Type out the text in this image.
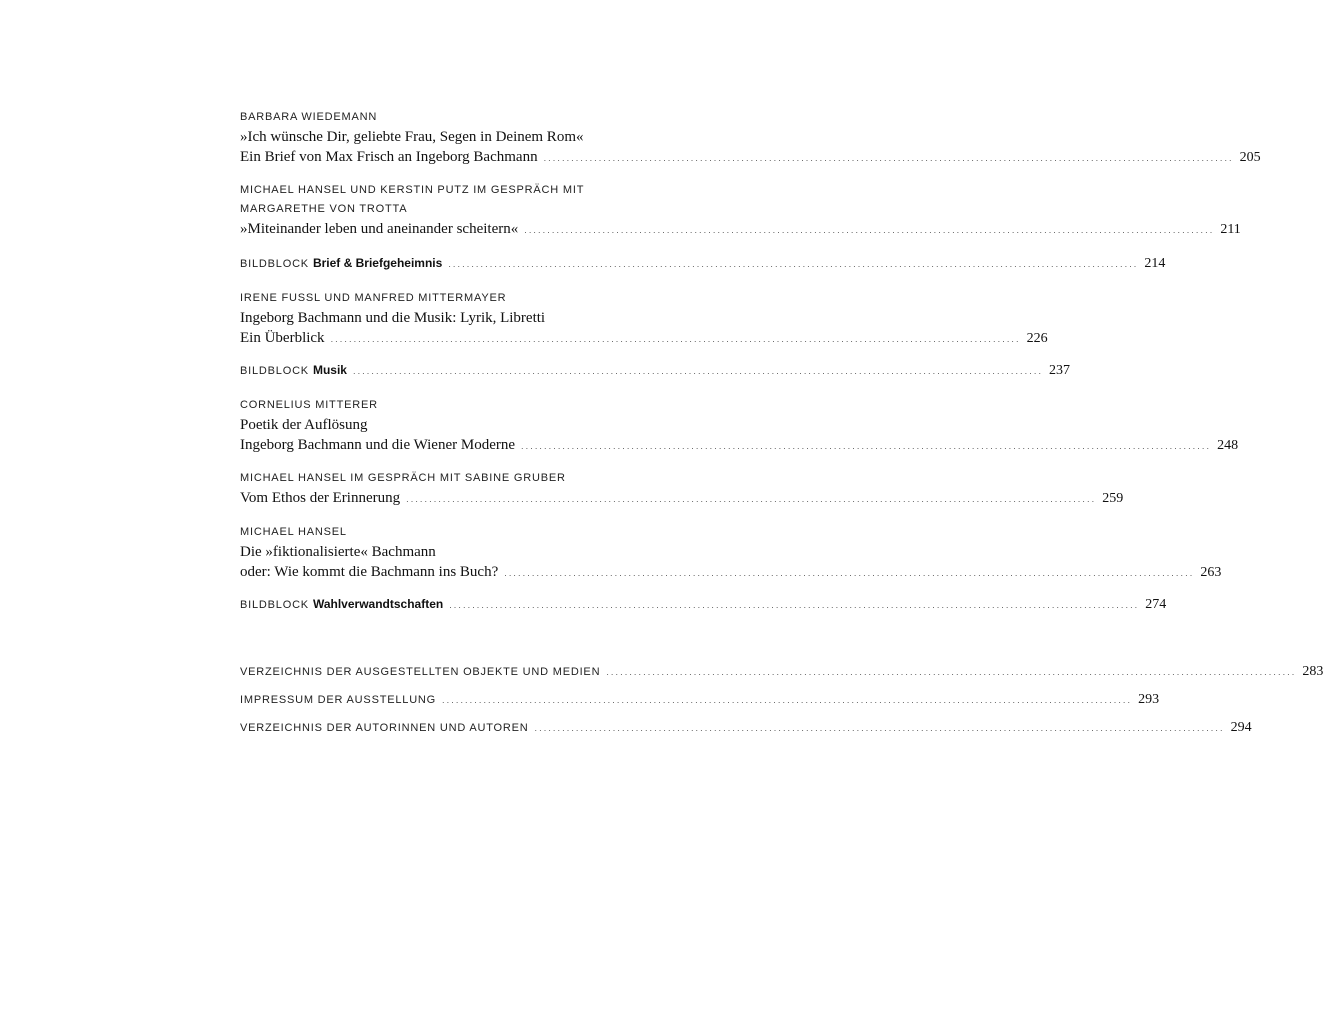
BARBARA WIEDEMANN
»Ich wünsche Dir, geliebte Frau, Segen in Deinem Rom«
Ein Brief von Max Frisch an Ingeborg Bachmann ...................................................................................................................................................... 205
MICHAEL HANSEL UND KERSTIN PUTZ IM GESPRÄCH MIT
MARGARETHE VON TROTTA
»Miteinander leben und aneinander scheitern« ...................................................................................................................................................... 211
BILDBLOCK Brief & Briefgeheimnis ...................................................................................................................................................... 214
IRENE FUSSL UND MANFRED MITTERMAYER
Ingeborg Bachmann und die Musik: Lyrik, Libretti
Ein Überblick ...................................................................................................................................................... 226
BILDBLOCK Musik ...................................................................................................................................................... 237
CORNELIUS MITTERER
Poetik der Auflösung
Ingeborg Bachmann und die Wiener Moderne ...................................................................................................................................................... 248
MICHAEL HANSEL IM GESPRÄCH MIT SABINE GRUBER
Vom Ethos der Erinnerung ...................................................................................................................................................... 259
MICHAEL HANSEL
Die »fiktionalisierte« Bachmann
oder: Wie kommt die Bachmann ins Buch? ...................................................................................................................................................... 263
BILDBLOCK Wahlverwandtschaften ...................................................................................................................................................... 274
VERZEICHNIS DER AUSGESTELLTEN OBJEKTE UND MEDIEN ...................................................................................................................................................... 283
IMPRESSUM DER AUSSTELLUNG ...................................................................................................................................................... 293
VERZEICHNIS DER AUTORINNEN UND AUTOREN ...................................................................................................................................................... 294
